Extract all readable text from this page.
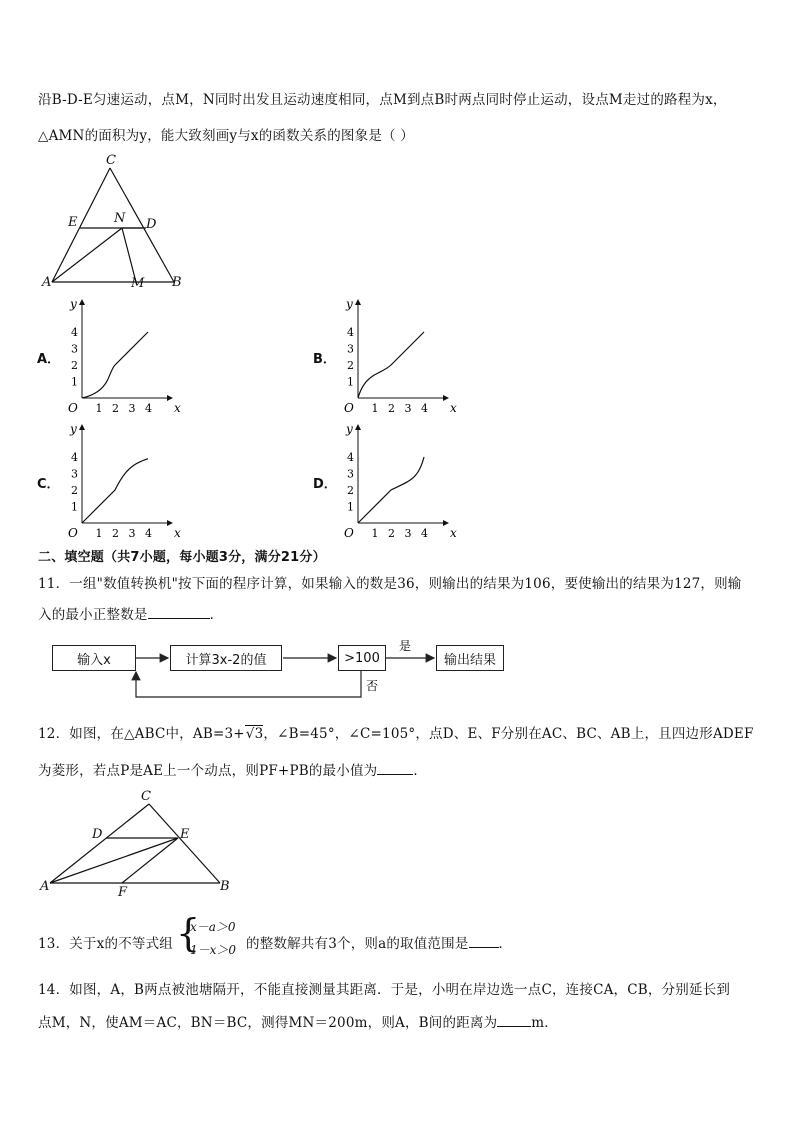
沿B-D-E匀速运动，点M，N同时出发且运动速度相同，点M到点B时两点同时停止运动，设点M走过的路程为x，
△AMN的面积为y，能大致刻画y与x的函数关系的图象是（ ）
C
E	N D
A	M B
A．	B．
C．	D．
y
x
O
4
3
2
1
1 2 3 4
y
x
O
4
3
2
1
1 2 3 4
y
x
O
4
3
2
1
1 2 3 4
y
x
O
4
3
2
1
1 2 3 4
二、填空题（共7小题，每小题3分，满分21分）
11．一组"数值转换机"按下面的程序计算，如果输入的数是36，则输出的结果为106，要使输出的结果为127，则输
入的最小正整数是	．
输入x	计算3x-2的值	>100	输出结果
是
否
12．如图，在△ABC中，AB=3+√3，∠B=45°，∠C=105°，点D、E、F分别在AC、BC、AB上，且四边形ADEF
为菱形，若点P是AE上一个动点，则PF+PB的最小值为	．
C
D	E
A	F	B
13．关于x的不等式组 {
x－a＞0
1－x＞0 的整数解共有3个，则a的取值范围是 ．
14．如图，A，B两点被池塘隔开，不能直接测量其距离．于是，小明在岸边选一点C，连接CA，CB，分别延长到
点M，N，使AM＝AC，BN＝BC，测得MN＝200m，则A，B间的距离为	m．
